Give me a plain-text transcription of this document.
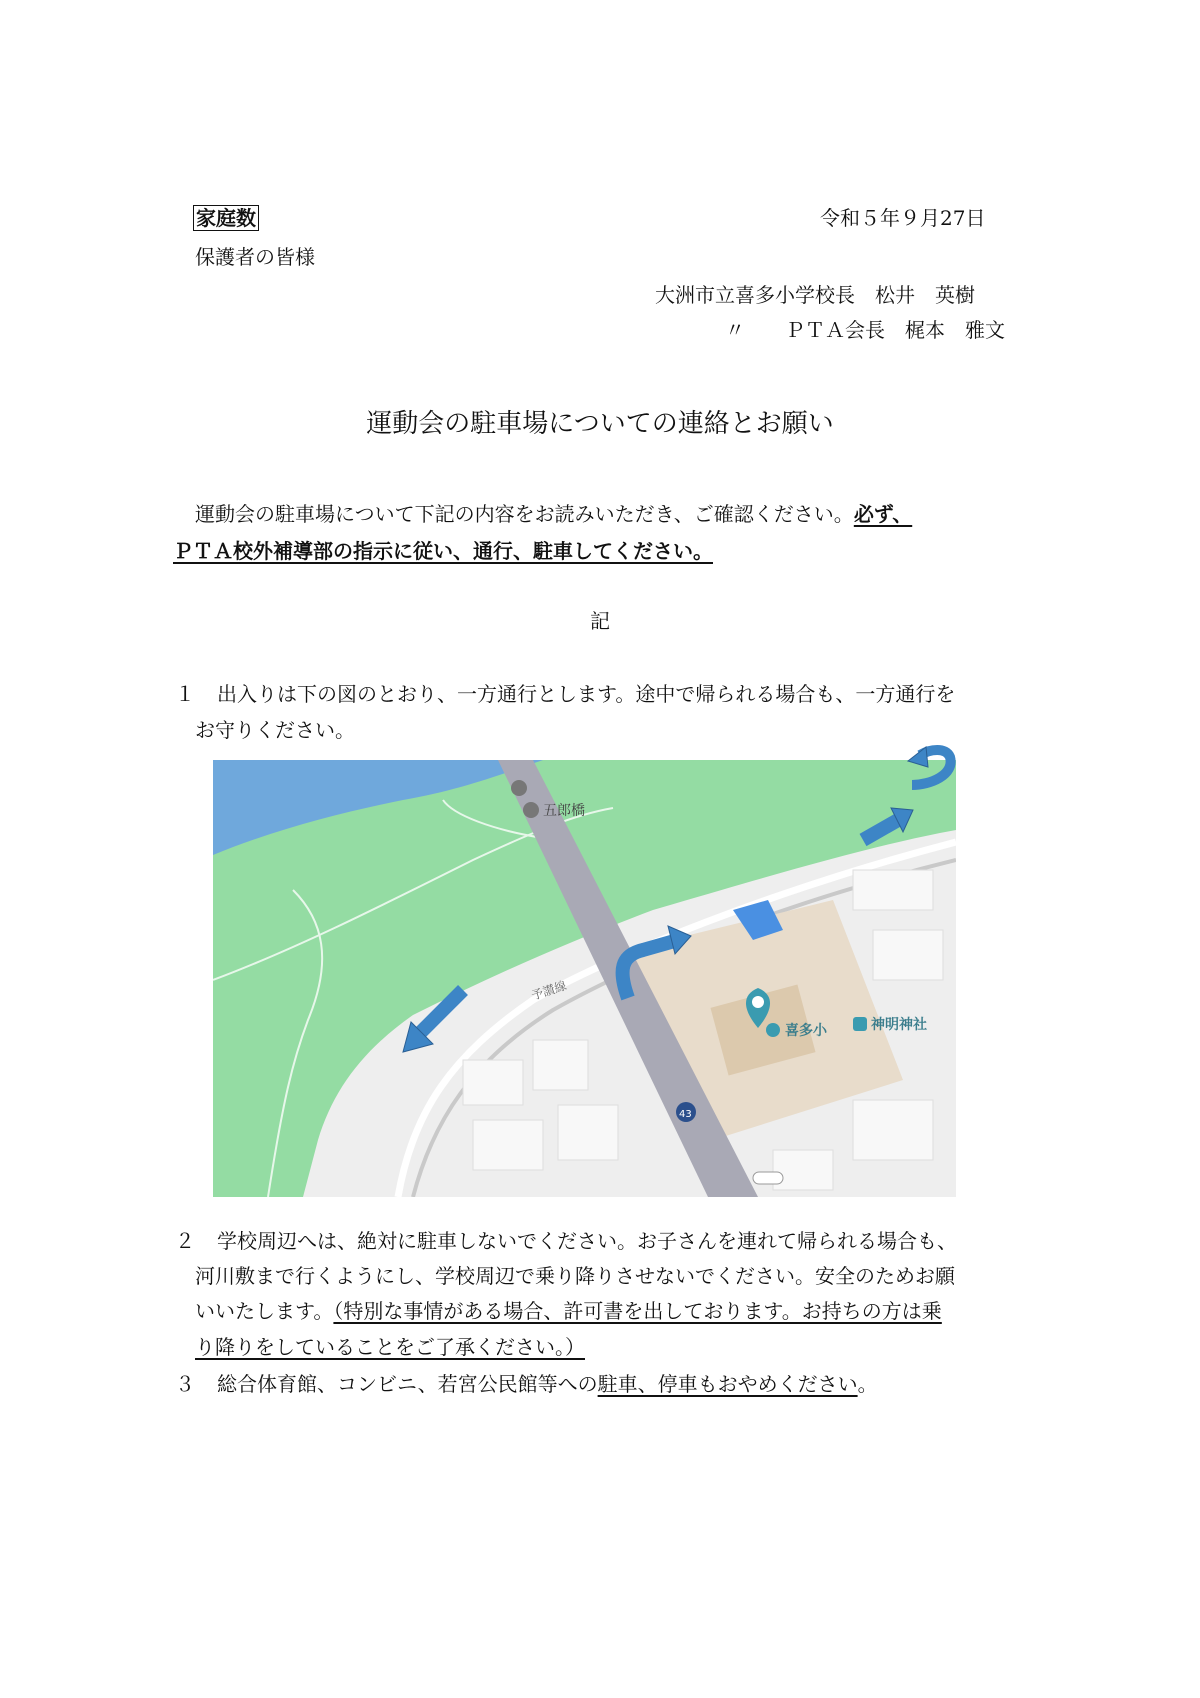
家庭数	令和５年９月27日
保護者の皆様
大洲市立喜多小学校長　松井　英樹
〃　　ＰＴＡ会長　梶本　雅文
運動会の駐車場についての連絡とお願い
運動会の駐車場について下記の内容をお読みいただき、ご確認ください。必ず、
ＰＴＡ校外補導部の指示に従い、通行、駐車してください。
記
１ 出入りは下の図のとおり、一方通行とします。途中で帰られる場合も、一方通行を
お守りください。
五郎橋
予讃線
43
喜多小	神明神社
２ 学校周辺へは、絶対に駐車しないでください。お子さんを連れて帰られる場合も、
河川敷まで行くようにし、学校周辺で乗り降りさせないでください。安全のためお願
いいたします。（特別な事情がある場合、許可書を出しております。お持ちの方は乗
り降りをしていることをご了承ください。）
３ 総合体育館、コンビニ、若宮公民館等への駐車、停車もおやめください。
